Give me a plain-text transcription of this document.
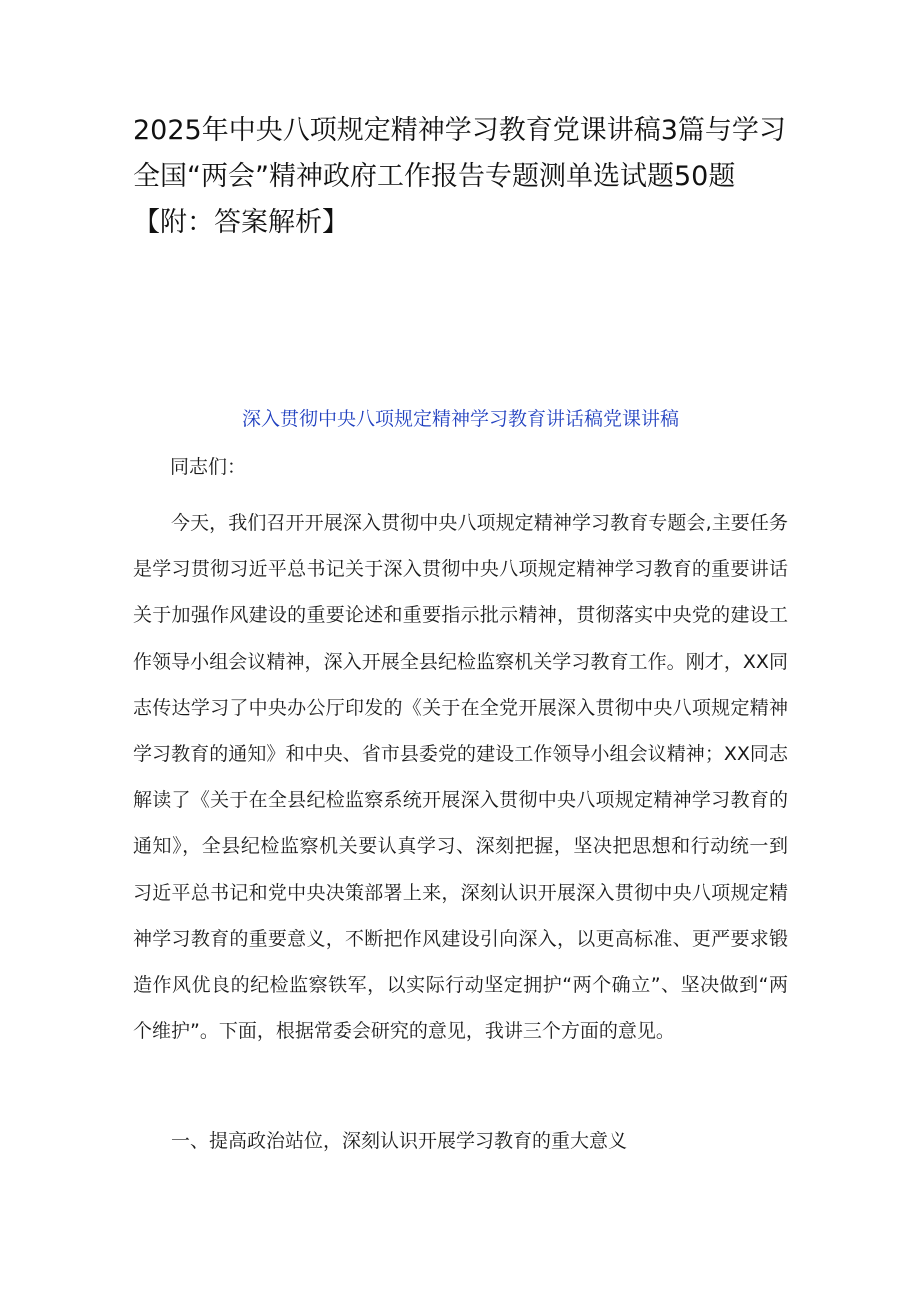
2025年中央八项规定精神学习教育党课讲稿3篇与学习全国“两会”精神政府工作报告专题测单选试题50题【附：答案解析】
深入贯彻中央八项规定精神学习教育讲话稿党课讲稿
同志们：

今天，我们召开开展深入贯彻中央八项规定精神学习教育专题会,主要任务是学习贯彻习近平总书记关于深入贯彻中央八项规定精神学习教育的重要讲话关于加强作风建设的重要论述和重要指示批示精神，贯彻落实中央党的建设工作领导小组会议精神，深入开展全县纪检监察机关学习教育工作。刚才，XX同志传达学习了中央办公厅印发的《关于在全党开展深入贯彻中央八项规定精神学习教育的通知》和中央、省市县委党的建设工作领导小组会议精神；XX同志解读了《关于在全县纪检监察系统开展深入贯彻中央八项规定精神学习教育的通知》，全县纪检监察机关要认真学习、深刻把握，坚决把思想和行动统一到习近平总书记和党中央决策部署上来，深刻认识开展深入贯彻中央八项规定精神学习教育的重要意义，不断把作风建设引向深入，以更高标准、更严要求锻造作风优良的纪检监察铁军，以实际行动坚定拥护“两个确立”、坚决做到“两个维护”。下面，根据常委会研究的意见，我讲三个方面的意见。

一、提高政治站位，深刻认识开展学习教育的重大意义
